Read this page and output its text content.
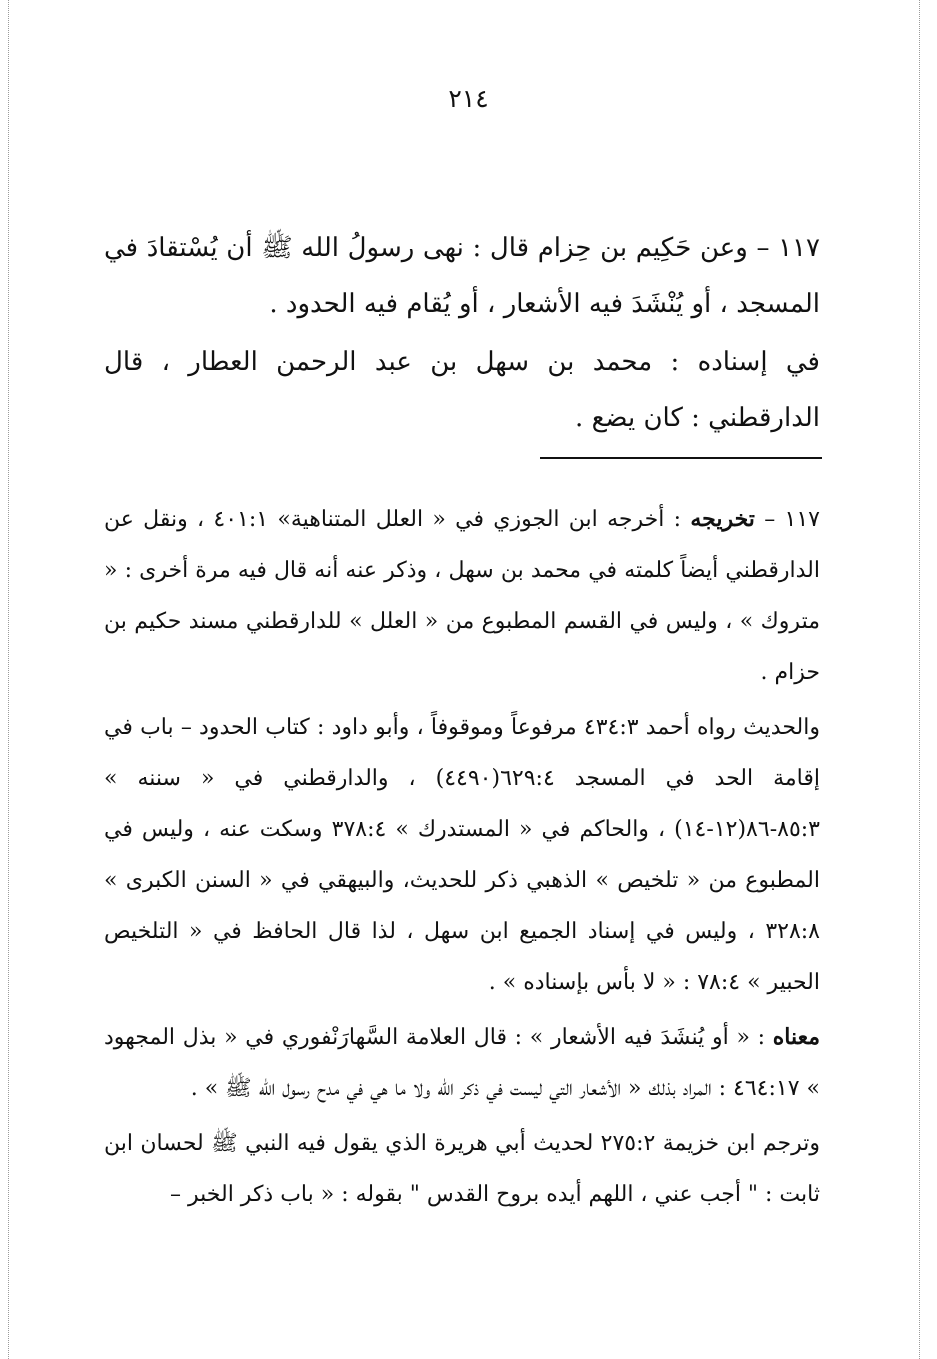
٢١٤

١١٧ – وعن حَكِيم بن حِزام قال : نهى رسولُ الله ﷺ أن يُسْتقادَ في المسجد ، أو يُنْشَدَ فيه الأشعار ، أو يُقام فيه الحدود .

في إسناده : محمد بن سهل بن عبد الرحمن العطار ، قال الدارقطني : كان يضع .

١١٧ – تخريجه : أخرجه ابن الجوزي في « العلل المتناهية» ٤٠١:١ ، ونقل عن الدارقطني أيضاً كلمته في محمد بن سهل ، وذكر عنه أنه قال فيه مرة أخرى : « متروك » ، وليس في القسم المطبوع من « العلل » للدارقطني مسند حكيم بن حزام .

والحديث رواه أحمد ٤٣٤:٣ مرفوعاً وموقوفاً ، وأبو داود : كتاب الحدود – باب في إقامة الحد في المسجد ٦٢٩:٤(٤٤٩٠) ، والدارقطني في « سننه » ٨٥:٣-٨٦(١٢-١٤) ، والحاكم في « المستدرك » ٣٧٨:٤ وسكت عنه ، وليس في المطبوع من « تلخيص » الذهبي ذكر للحديث، والبيهقي في « السنن الكبرى » ٣٢٨:٨ ، وليس في إسناد الجميع ابن سهل ، لذا قال الحافظ في « التلخيص الحبير » ٧٨:٤ : « لا بأس بإسناده » .

معناه : « أو يُنشَدَ فيه الأشعار » : قال العلامة السَّهارَنْفوري في « بذل المجهود » ٤٦٤:١٧ : المراد بذلك « الأشعار التي ليست في ذكر الله ولا ما هي في مدح رسول الله ﷺ » .

وترجم ابن خزيمة ٢٧٥:٢ لحديث أبي هريرة الذي يقول فيه النبي ﷺ لحسان ابن ثابت : " أجب عني ، اللهم أيده بروح القدس " بقوله : « باب ذكر الخبر –
